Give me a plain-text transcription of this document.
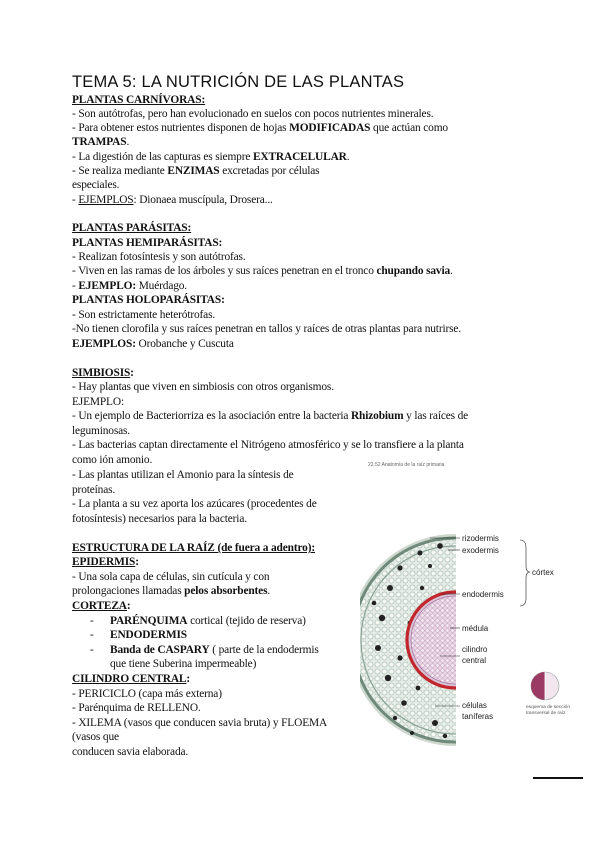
TEMA 5: LA NUTRICIÓN DE LAS PLANTAS
PLANTAS CARNÍVORAS:
- Son autótrofas, pero han evolucionado en suelos con pocos nutrientes minerales.
- Para obtener estos nutrientes disponen de hojas MODIFICADAS que actúan como
TRAMPAS.
- La digestión de las capturas es siempre EXTRACELULAR.
- Se realiza mediante ENZIMAS excretadas por células
especiales.
- EJEMPLOS: Dionaea muscípula, Drosera...
PLANTAS PARÁSITAS:
PLANTAS HEMIPARÁSITAS:
- Realizan fotosíntesis y son autótrofas.
- Viven en las ramas de los árboles y sus raíces penetran en el tronco chupando savia.
- EJEMPLO: Muérdago.
PLANTAS HOLOPARÁSITAS:
- Son estrictamente heterótrofas.
-No tienen clorofila y sus raíces penetran en tallos y raíces de otras plantas para nutrirse.
EJEMPLOS: Orobanche y Cuscuta
SIMBIOSIS:
- Hay plantas que viven en simbiosis con otros organismos.
EJEMPLO:
- Un ejemplo de Bacteriorriza es la asociación entre la bacteria Rhizobium y las raíces de
leguminosas.
- Las bacterias captan directamente el Nitrógeno atmosférico y se lo transfiere a la planta
como ión amonio.
- Las plantas utilizan el Amonio para la síntesis de
proteínas.
- La planta a su vez aporta los azúcares (procedentes de
fotosíntesis) necesarios para la bacteria.
22.52 Anatomía de la raíz primaria
ESTRUCTURA DE LA RAÍZ (de fuera a adentro):
EPIDERMIS:
- Una sola capa de células, sin cutícula y con
prolongaciones llamadas pelos absorbentes.
CORTEZA:
- PARÉNQUIMA cortical (tejido de reserva)
- ENDODERMIS
- Banda de CASPARY ( parte de la endodermis
que tiene Suberina impermeable)
CILINDRO CENTRAL:
- PERICICLO (capa más externa)
- Parénquima de RELLENO.
- XILEMA (vasos que conducen savia bruta) y FLOEMA
(vasos que
conducen savia elaborada.
rizodermis
exodermis
córtex
endodermis
médula
cilindro
central
células
taníferas
esquema de sección
transversal de raíz
